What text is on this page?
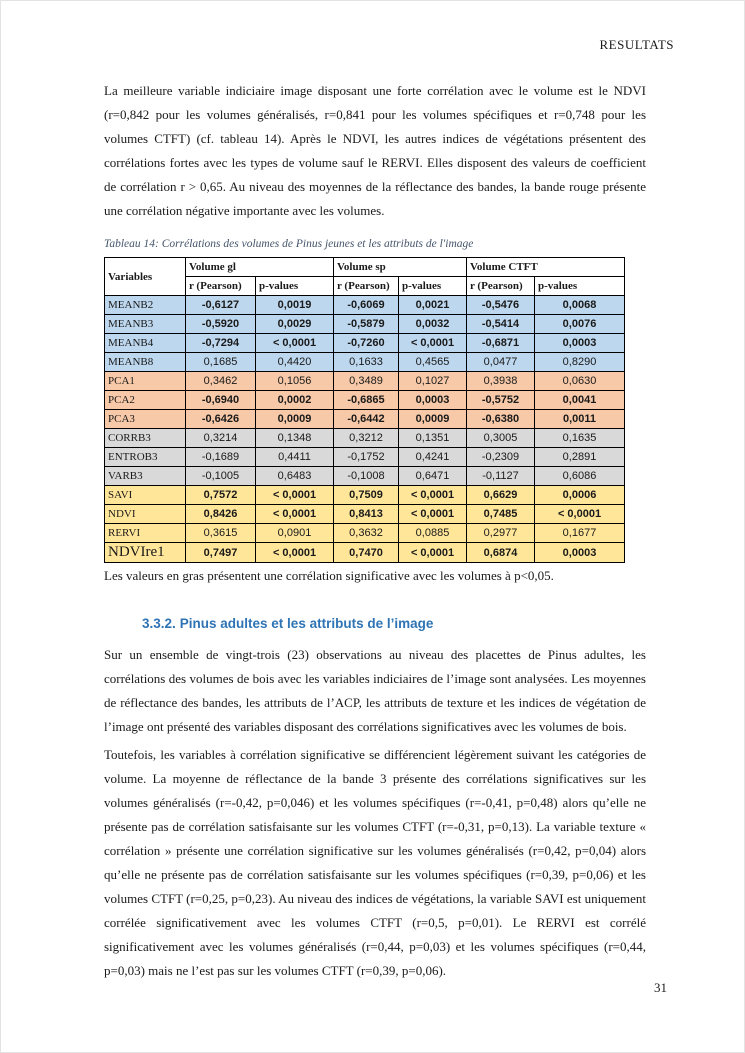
RESULTATS

La meilleure variable indiciaire image disposant une forte corrélation avec le volume est le NDVI (r=0,842 pour les volumes généralisés, r=0,841 pour les volumes spécifiques et r=0,748 pour les volumes CTFT) (cf. tableau 14). Après le NDVI, les autres indices de végétations présentent des corrélations fortes avec les types de volume sauf le RERVI. Elles disposent des valeurs de coefficient de corrélation r > 0,65. Au niveau des moyennes de la réflectance des bandes, la bande rouge présente une corrélation négative importante avec les volumes.

Tableau 14: Corrélations des volumes de Pinus jeunes et les attributs de l'image

Variables	Volume gl		Volume sp		Volume CTFT	
	r (Pearson)	p-values	r (Pearson)	p-values	r (Pearson)	p-values
MEANB2	-0,6127	0,0019	-0,6069	0,0021	-0,5476	0,0068
MEANB3	-0,5920	0,0029	-0,5879	0,0032	-0,5414	0,0076
MEANB4	-0,7294	< 0,0001	-0,7260	< 0,0001	-0,6871	0,0003
MEANB8	0,1685	0,4420	0,1633	0,4565	0,0477	0,8290
PCA1	0,3462	0,1056	0,3489	0,1027	0,3938	0,0630
PCA2	-0,6940	0,0002	-0,6865	0,0003	-0,5752	0,0041
PCA3	-0,6426	0,0009	-0,6442	0,0009	-0,6380	0,0011
CORRB3	0,3214	0,1348	0,3212	0,1351	0,3005	0,1635
ENTROB3	-0,1689	0,4411	-0,1752	0,4241	-0,2309	0,2891
VARB3	-0,1005	0,6483	-0,1008	0,6471	-0,1127	0,6086
SAVI	0,7572	< 0,0001	0,7509	< 0,0001	0,6629	0,0006
NDVI	0,8426	< 0,0001	0,8413	< 0,0001	0,7485	< 0,0001
RERVI	0,3615	0,0901	0,3632	0,0885	0,2977	0,1677
NDVIre1	0,7497	< 0,0001	0,7470	< 0,0001	0,6874	0,0003

Les valeurs en gras présentent une corrélation significative avec les volumes à p<0,05.

3.3.2. Pinus adultes et les attributs de l’image

Sur un ensemble de vingt-trois (23) observations au niveau des placettes de Pinus adultes, les corrélations des volumes de bois avec les variables indiciaires de l’image sont analysées. Les moyennes de réflectance des bandes, les attributs de l’ACP, les attributs de texture et les indices de végétation de l’image ont présenté des variables disposant des corrélations significatives avec les volumes de bois.

Toutefois, les variables à corrélation significative se différencient légèrement suivant les catégories de volume. La moyenne de réflectance de la bande 3 présente des corrélations significatives sur les volumes généralisés (r=-0,42, p=0,046) et les volumes spécifiques (r=-0,41, p=0,48) alors qu’elle ne présente pas de corrélation satisfaisante sur les volumes CTFT (r=-0,31, p=0,13). La variable texture « corrélation » présente une corrélation significative sur les volumes généralisés (r=0,42, p=0,04) alors qu’elle ne présente pas de corrélation satisfaisante sur les volumes spécifiques (r=0,39, p=0,06) et les volumes CTFT (r=0,25, p=0,23). Au niveau des indices de végétations, la variable SAVI est uniquement corrélée significativement avec les volumes CTFT (r=0,5, p=0,01). Le RERVI est corrélé significativement avec les volumes généralisés (r=0,44, p=0,03) et les volumes spécifiques (r=0,44, p=0,03) mais ne l’est pas sur les volumes CTFT (r=0,39, p=0,06).

31
